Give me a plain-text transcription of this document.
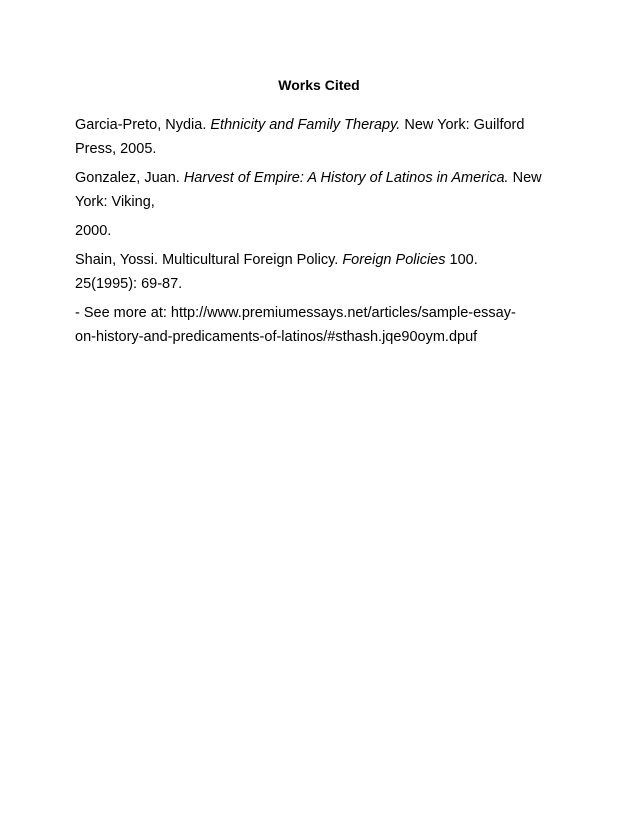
Works Cited
Garcia-Preto, Nydia. Ethnicity and Family Therapy. New York: Guilford
Press, 2005.
Gonzalez, Juan. Harvest of Empire: A History of Latinos in America. New
York: Viking,
2000.
Shain, Yossi. Multicultural Foreign Policy. Foreign Policies 100.
25(1995): 69-87.
- See more at: http://www.premiumessays.net/articles/sample-essay-
on-history-and-predicaments-of-latinos/#sthash.jqe90oym.dpuf
